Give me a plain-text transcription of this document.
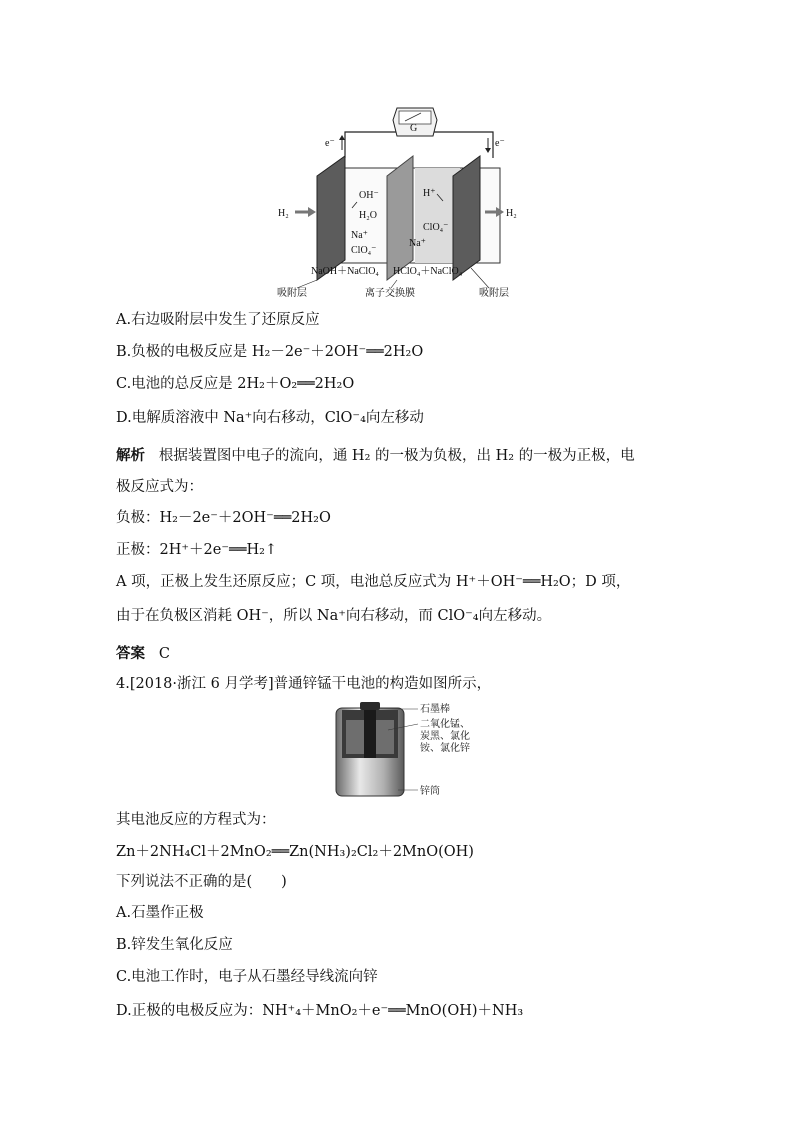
G
e⁻	e⁻
H₂	H₂
OH⁻
H₂O
Na⁺
ClO₄⁻
H⁺
ClO₄⁻
Na⁺
NaOH＋NaClO₄ HClO₄＋NaClO₄
吸附层	离子交换膜	吸附层
A.右边吸附层中发生了还原反应
B.负极的电极反应是 H₂－2e⁻＋2OH⁻══2H₂O
C.电池的总反应是 2H₂＋O₂══2H₂O
D.电解质溶液中 Na⁺向右移动，ClO⁻₄向左移动
解析 根据装置图中电子的流向，通 H₂ 的一极为负极，出 H₂ 的一极为正极，电
极反应式为：
负极：H₂－2e⁻＋2OH⁻══2H₂O
正极：2H⁺＋2e⁻══H₂↑
A 项，正极上发生还原反应；C 项，电池总反应式为 H⁺＋OH⁻══H₂O；D 项，
由于在负极区消耗 OH⁻，所以 Na⁺向右移动，而 ClO⁻₄向左移动。
答案 C
4.[2018·浙江 6 月学考]普通锌锰干电池的构造如图所示，
石墨棒
二氧化锰、
炭黑、氯化
铵、氯化锌
锌筒
其电池反应的方程式为：
Zn＋2NH₄Cl＋2MnO₂══Zn(NH₃)₂Cl₂＋2MnO(OH)
下列说法不正确的是(　　)
A.石墨作正极
B.锌发生氧化反应
C.电池工作时，电子从石墨经导线流向锌
D.正极的电极反应为：NH⁺₄＋MnO₂＋e⁻══MnO(OH)＋NH₃
